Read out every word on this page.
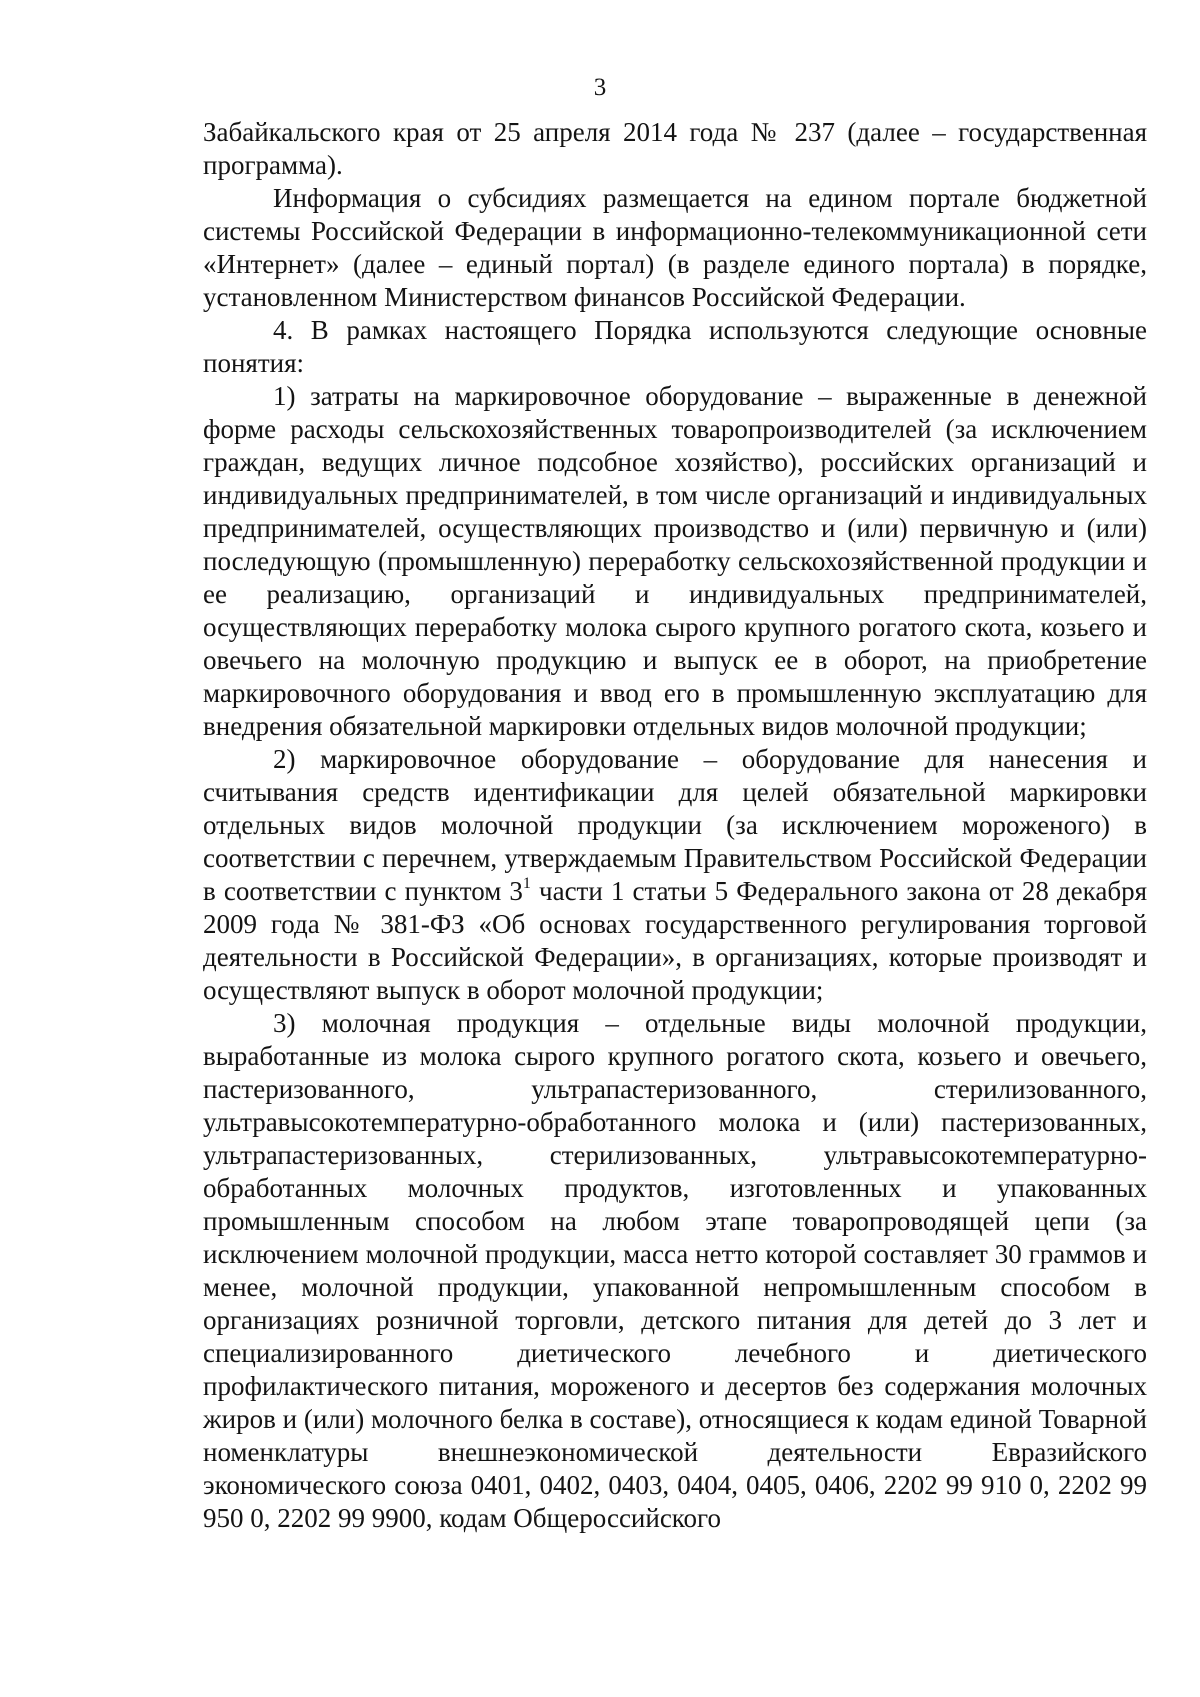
3

Забайкальского края от 25 апреля 2014 года № 237 (далее – государственная программа).

Информация о субсидиях размещается на едином портале бюджетной системы Российской Федерации в информационно-телекоммуникационной сети «Интернет» (далее – единый портал) (в разделе единого портала) в порядке, установленном Министерством финансов Российской Федерации.

4. В рамках настоящего Порядка используются следующие основные понятия:

1) затраты на маркировочное оборудование – выраженные в денежной форме расходы сельскохозяйственных товаропроизводителей (за исключением граждан, ведущих личное подсобное хозяйство), российских организаций и индивидуальных предпринимателей, в том числе организаций и индивидуальных предпринимателей, осуществляющих производство и (или) первичную и (или) последующую (промышленную) переработку сельскохозяйственной продукции и ее реализацию, организаций и индивидуальных предпринимателей, осуществляющих переработку молока сырого крупного рогатого скота, козьего и овечьего на молочную продукцию и выпуск ее в оборот, на приобретение маркировочного оборудования и ввод его в промышленную эксплуатацию для внедрения обязательной маркировки отдельных видов молочной продукции;

2) маркировочное оборудование – оборудование для нанесения и считывания средств идентификации для целей обязательной маркировки отдельных видов молочной продукции (за исключением мороженого) в соответствии с перечнем, утверждаемым Правительством Российской Федерации в соответствии с пунктом $3^1$ части 1 статьи 5 Федерального закона от 28 декабря 2009 года № 381-ФЗ «Об основах государственного регулирования торговой деятельности в Российской Федерации», в организациях, которые производят и осуществляют выпуск в оборот молочной продукции;

3) молочная продукция – отдельные виды молочной продукции, выработанные из молока сырого крупного рогатого скота, козьего и овечьего, пастеризованного, ультрапастеризованного, стерилизованного, ультравысокотемпературно-обработанного молока и (или) пастеризованных, ультрапастеризованных, стерилизованных, ультравысокотемпературно-обработанных молочных продуктов, изготовленных и упакованных промышленным способом на любом этапе товаропроводящей цепи (за исключением молочной продукции, масса нетто которой составляет 30 граммов и менее, молочной продукции, упакованной непромышленным способом в организациях розничной торговли, детского питания для детей до 3 лет и специализированного диетического лечебного и диетического профилактического питания, мороженого и десертов без содержания молочных жиров и (или) молочного белка в составе), относящиеся к кодам единой Товарной номенклатуры внешнеэкономической деятельности Евразийского экономического союза 0401, 0402, 0403, 0404, 0405, 0406, 2202 99 910 0, 2202 99 950 0, 2202 99 9900, кодам Общероссийского
